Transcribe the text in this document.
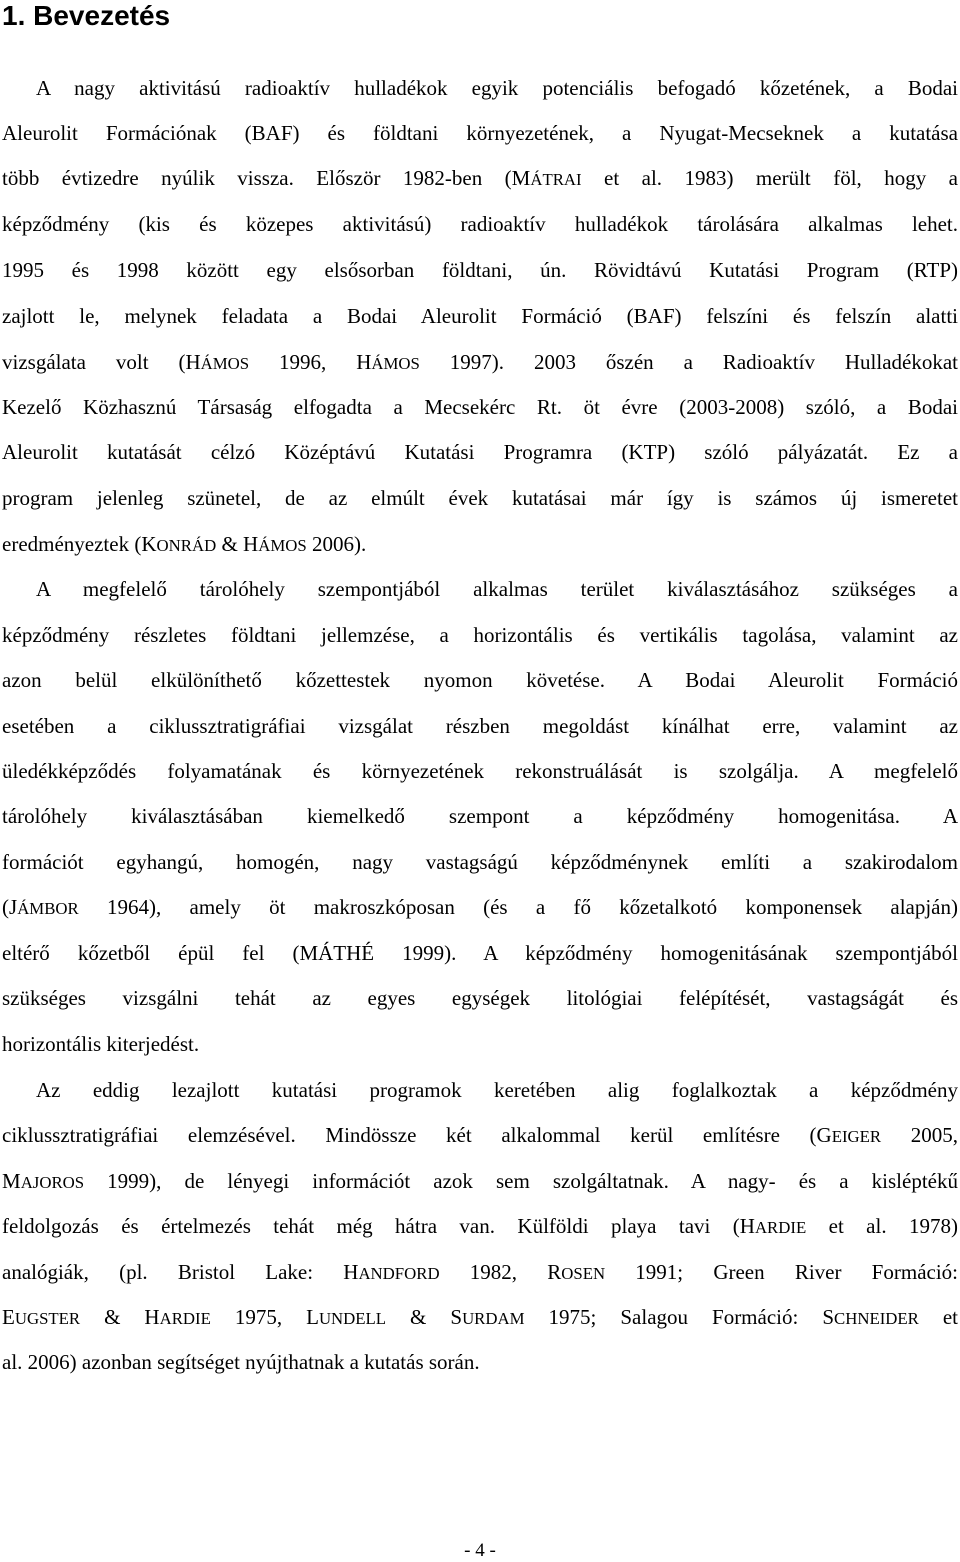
1. Bevezetés
A nagy aktivitású radioaktív hulladékok egyik potenciális befogadó kőzetének, a Bodai
Aleurolit Formációnak (BAF) és földtani környezetének, a Nyugat-Mecseknek a kutatása
több évtizedre nyúlik vissza. Először 1982-ben (MÁTRAI et al. 1983) merült föl, hogy a
képződmény (kis és közepes aktivitású) radioaktív hulladékok tárolására alkalmas lehet.
1995 és 1998 között egy elsősorban földtani, ún. Rövidtávú Kutatási Program (RTP)
zajlott le, melynek feladata a Bodai Aleurolit Formáció (BAF) felszíni és felszín alatti
vizsgálata volt (HÁMOS 1996, HÁMOS 1997). 2003 őszén a Radioaktív Hulladékokat
Kezelő Közhasznú Társaság elfogadta a Mecsekérc Rt. öt évre (2003-2008) szóló, a Bodai
Aleurolit kutatását célzó Középtávú Kutatási Programra (KTP) szóló pályázatát. Ez a
program jelenleg szünetel, de az elmúlt évek kutatásai már így is számos új ismeretet
eredményeztek (KONRÁD & HÁMOS 2006).
A megfelelő tárolóhely szempontjából alkalmas terület kiválasztásához szükséges a
képződmény részletes földtani jellemzése, a horizontális és vertikális tagolása, valamint az
azon belül elkülöníthető kőzettestek nyomon követése. A Bodai Aleurolit Formáció
esetében a ciklussztratigráfiai vizsgálat részben megoldást kínálhat erre, valamint az
üledékképződés folyamatának és környezetének rekonstruálását is szolgálja. A megfelelő
tárolóhely kiválasztásában kiemelkedő szempont a képződmény homogenitása. A
formációt egyhangú, homogén, nagy vastagságú képződménynek említi a szakirodalom
(JÁMBOR 1964), amely öt makroszkóposan (és a fő kőzetalkotó komponensek alapján)
eltérő kőzetből épül fel (MÁTHÉ 1999). A képződmény homogenitásának szempontjából
szükséges vizsgálni tehát az egyes egységek litológiai felépítését, vastagságát és
horizontális kiterjedést.
Az eddig lezajlott kutatási programok keretében alig foglalkoztak a képződmény
ciklussztratigráfiai elemzésével. Mindössze két alkalommal kerül említésre (GEIGER 2005,
MAJOROS 1999), de lényegi információt azok sem szolgáltatnak. A nagy- és a kisléptékű
feldolgozás és értelmezés tehát még hátra van. Külföldi playa tavi (HARDIE et al. 1978)
analógiák, (pl. Bristol Lake: HANDFORD 1982, ROSEN 1991; Green River Formáció:
EUGSTER & HARDIE 1975, LUNDELL & SURDAM 1975; Salagou Formáció: SCHNEIDER et
al. 2006) azonban segítséget nyújthatnak a kutatás során.
- 4 -
